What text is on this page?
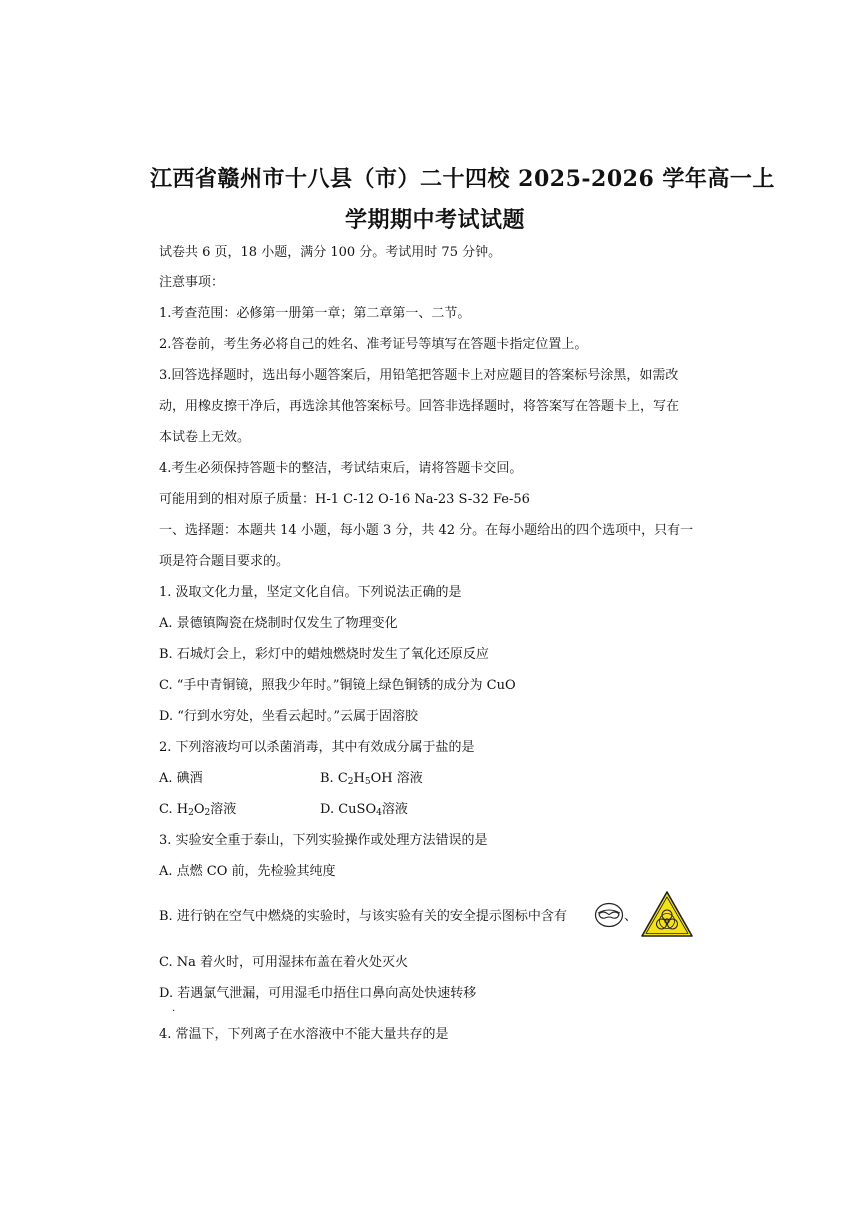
江西省赣州市十八县（市）二十四校 2025-2026 学年高一上
学期期中考试试题
试卷共 6 页，18 小题，满分 100 分。考试用时 75 分钟。
注意事项：
1.考查范围：必修第一册第一章；第二章第一、二节。
2.答卷前，考生务必将自己的姓名、准考证号等填写在答题卡指定位置上。
3.回答选择题时，选出每小题答案后，用铅笔把答题卡上对应题目的答案标号涂黑，如需改
动，用橡皮擦干净后，再选涂其他答案标号。回答非选择题时，将答案写在答题卡上，写在
本试卷上无效。
4.考生必须保持答题卡的整洁，考试结束后，请将答题卡交回。
可能用到的相对原子质量：H-1 C-12 O-16 Na-23 S-32 Fe-56
一、选择题：本题共 14 小题，每小题 3 分，共 42 分。在每小题给出的四个选项中，只有一
项是符合题目要求的。
1. 汲取文化力量，坚定文化自信。下列说法正确的是
A. 景德镇陶瓷在烧制时仅发生了物理变化
B. 石城灯会上，彩灯中的蜡烛燃烧时发生了氧化还原反应
C. “手中青铜镜，照我少年时。”铜镜上绿色铜锈的成分为 CuO
D. “行到水穷处，坐看云起时。”云属于固溶胶
2. 下列溶液均可以杀菌消毒，其中有效成分属于盐的是
A. 碘酒	B. $C_2H_5OH$ 溶液
C. $H_2O_2$溶液	D. CuSO$_4$溶液
3. 实验安全重于泰山，下列实验操作或处理方法错误的是
A. 点燃 CO 前，先检验其纯度
B. 进行钠在空气中燃烧的实验时，与该实验有关的安全提示图标中含有	、
C. Na 着火时，可用湿抹布盖在着火处灭火
D. 若遇氯气泄漏，可用湿毛巾捂住口鼻向高处快速转移
·
4. 常温下，下列离子在水溶液中不能大量共存的是
